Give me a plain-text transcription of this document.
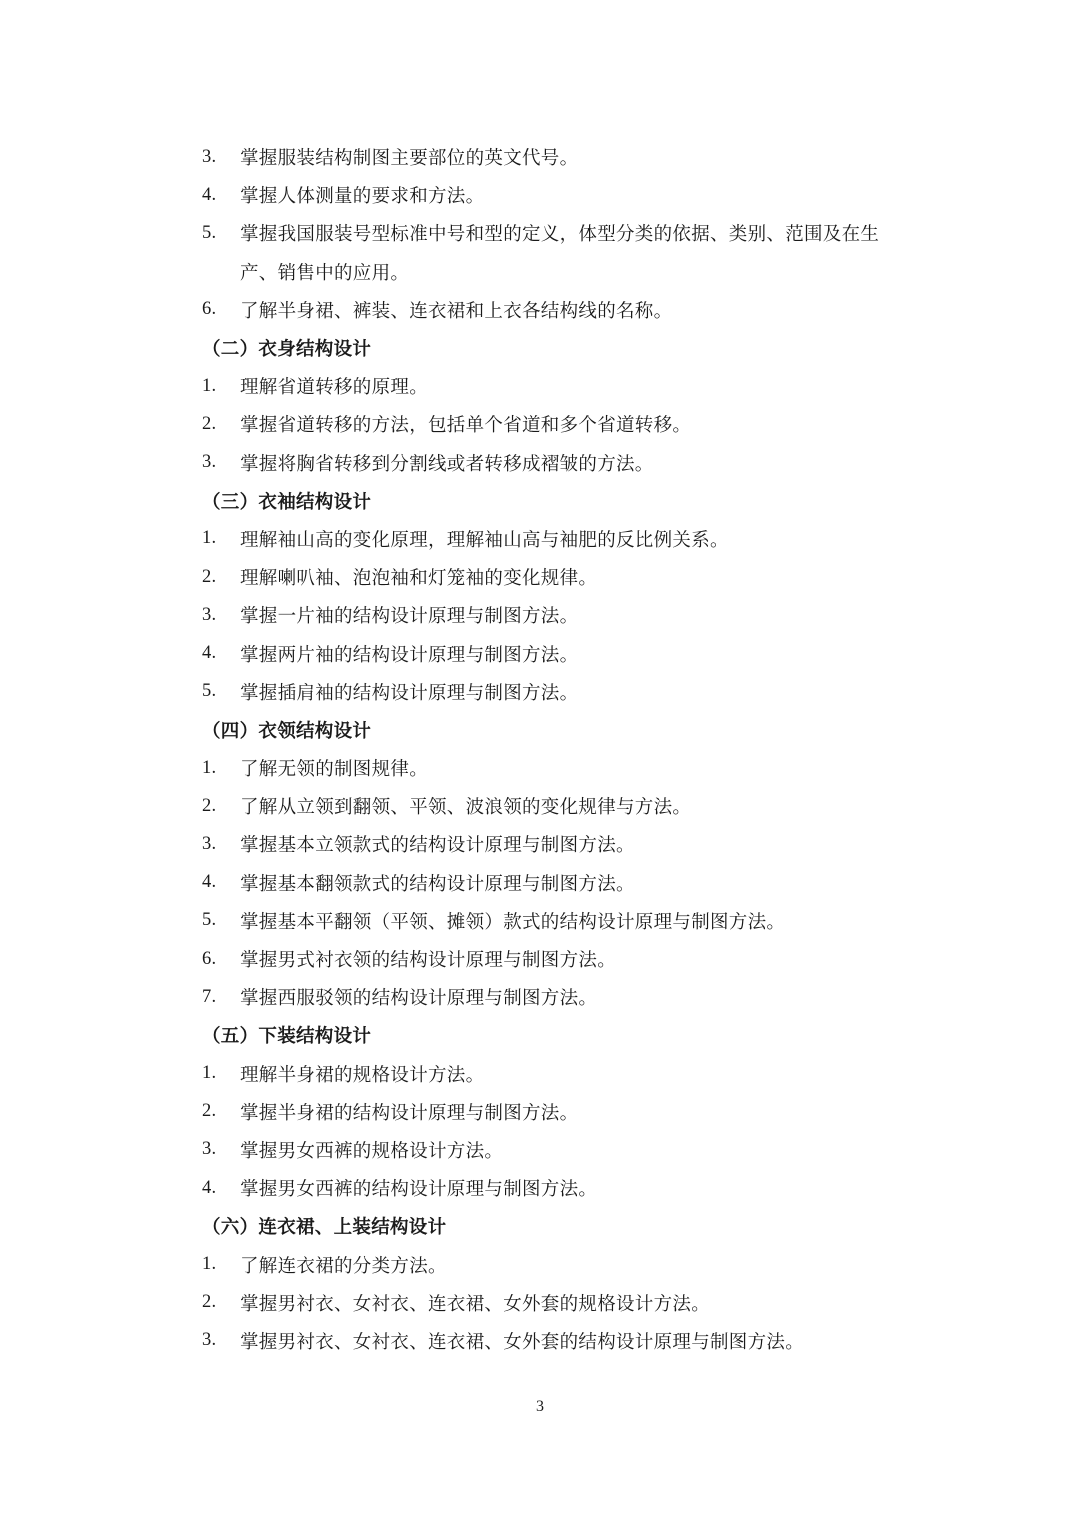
3.	掌握服装结构制图主要部位的英文代号。
4.	掌握人体测量的要求和方法。
5.	掌握我国服装号型标准中号和型的定义，体型分类的依据、类别、范围及在生
产、销售中的应用。
6.	了解半身裙、裤装、连衣裙和上衣各结构线的名称。
（二）衣身结构设计
1.	理解省道转移的原理。
2.	掌握省道转移的方法，包括单个省道和多个省道转移。
3.	掌握将胸省转移到分割线或者转移成褶皱的方法。
（三）衣袖结构设计
1.	理解袖山高的变化原理，理解袖山高与袖肥的反比例关系。
2.	理解喇叭袖、泡泡袖和灯笼袖的变化规律。
3.	掌握一片袖的结构设计原理与制图方法。
4.	掌握两片袖的结构设计原理与制图方法。
5.	掌握插肩袖的结构设计原理与制图方法。
（四）衣领结构设计
1.	了解无领的制图规律。
2.	了解从立领到翻领、平领、波浪领的变化规律与方法。
3.	掌握基本立领款式的结构设计原理与制图方法。
4.	掌握基本翻领款式的结构设计原理与制图方法。
5.	掌握基本平翻领（平领、摊领）款式的结构设计原理与制图方法。
6.	掌握男式衬衣领的结构设计原理与制图方法。
7.	掌握西服驳领的结构设计原理与制图方法。
（五）下装结构设计
1.	理解半身裙的规格设计方法。
2.	掌握半身裙的结构设计原理与制图方法。
3.	掌握男女西裤的规格设计方法。
4.	掌握男女西裤的结构设计原理与制图方法。
（六）连衣裙、上装结构设计
1.	了解连衣裙的分类方法。
2.	掌握男衬衣、女衬衣、连衣裙、女外套的规格设计方法。
3.	掌握男衬衣、女衬衣、连衣裙、女外套的结构设计原理与制图方法。
3
